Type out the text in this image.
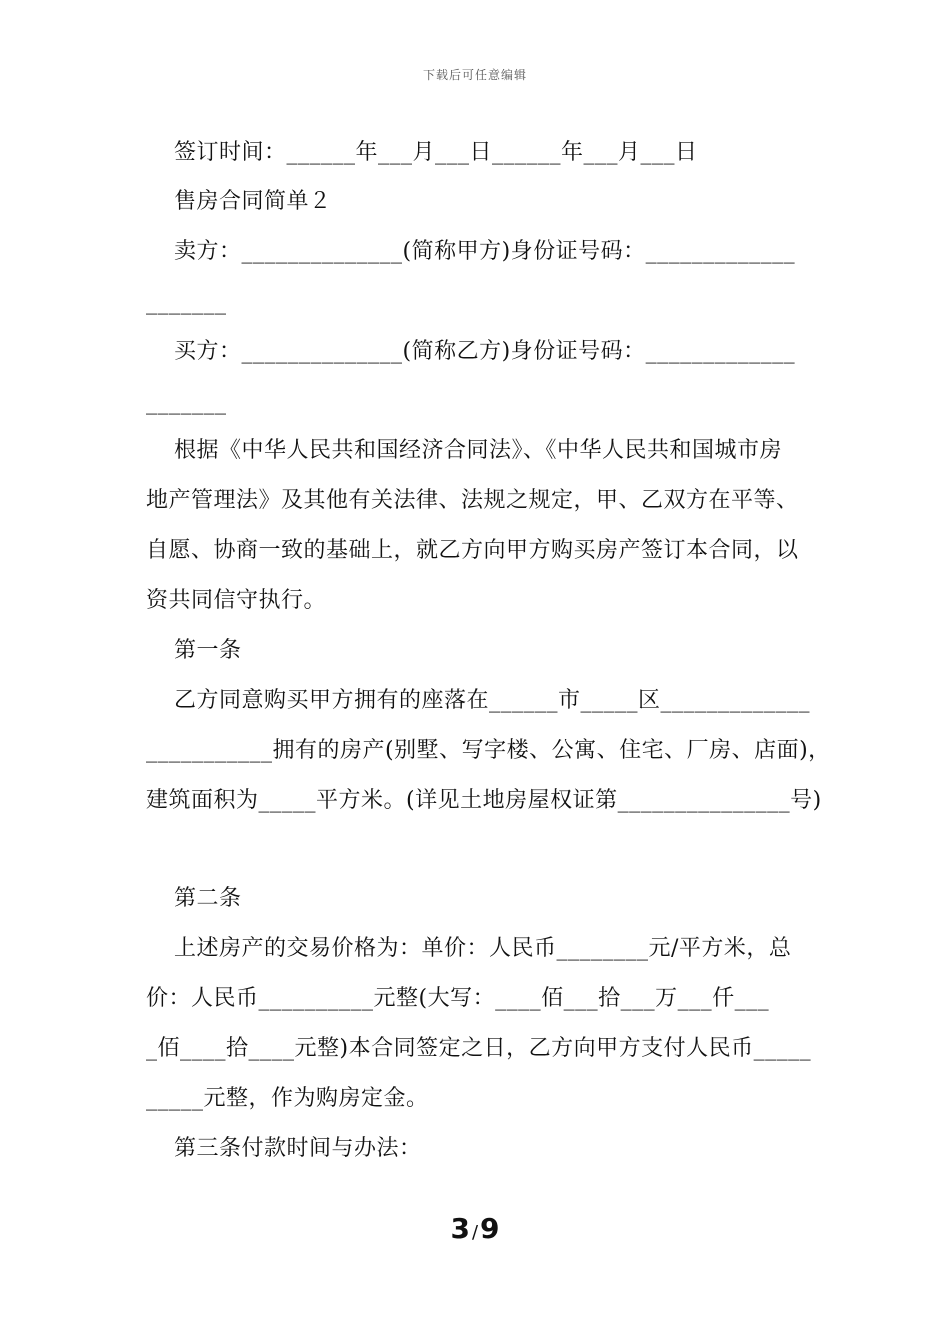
下载后可任意编辑
签订时间：______年___月___日______年___月___日
售房合同简单２
卖方：______________(简称甲方)身份证号码：_____________
_______
买方：______________(简称乙方)身份证号码：_____________
_______
根据《中华人民共和国经济合同法》、《中华人民共和国城市房
地产管理法》及其他有关法律、法规之规定，甲、乙双方在平等、
自愿、协商一致的基础上，就乙方向甲方购买房产签订本合同，以
资共同信守执行。
第一条
乙方同意购买甲方拥有的座落在______市_____区_____________
___________拥有的房产(别墅、写字楼、公寓、住宅、厂房、店面)，
建筑面积为_____平方米。(详见土地房屋权证第_______________号)
第二条
上述房产的交易价格为：单价：人民币________元/平方米，总
价：人民币__________元整(大写：____佰___拾___万___仟___
_佰____拾____元整)本合同签定之日，乙方向甲方支付人民币_____
_____元整，作为购房定金。
第三条付款时间与办法：
3 /9
